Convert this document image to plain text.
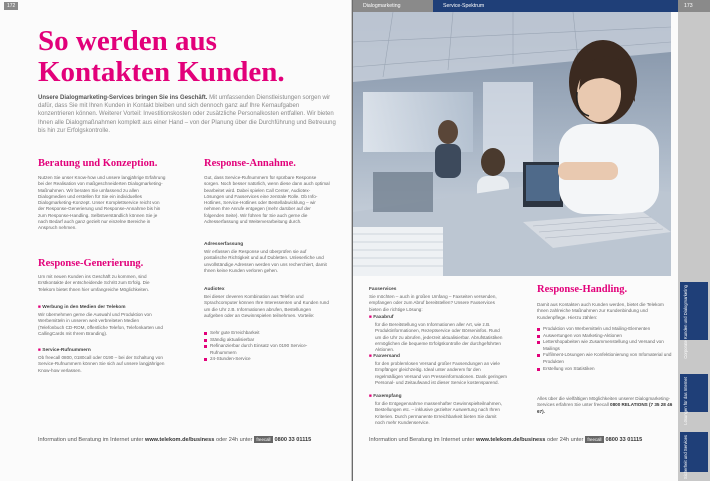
172
So werden aus Kontakten Kunden.

Unsere Dialogmarketing-Services bringen Sie ins Geschäft. Mit umfassenden Dienstleistungen sorgen wir dafür, dass Sie mit Ihren Kunden in Kontakt bleiben und sich dennoch ganz auf Ihre Kernaufgaben konzentrieren können. Weiterer Vorteil: Investitionskosten oder zusätzliche Personalkosten entfallen. Wir bieten Ihnen alle Dialogmaßnahmen komplett aus einer Hand – von der Planung über die Durchführung und Betreuung bis hin zur Erfolgskontrolle.

Beratung und Konzeption.

Nutzen Sie unser Know-how und unsere langjährige Erfahrung bei der Realisation von maßgeschneiderten Dialogmarketing-Maßnahmen. Wir beraten Sie umfassend zu allen Dialogmedien und erstellen für Sie ein individuelles Dialogmarketing-Konzept. Unser Komplettservice reicht von der Response-Generierung und Response-Annahme bis hin zum Response-Handling. Selbstverständlich können Sie je nach Bedarf auch ganz gezielt nur einzelne Bereiche in Anspruch nehmen.

Response-Generierung.

Um mit neuen Kunden ins Geschäft zu kommen, sind Erstkontakte der entscheidende Schritt zum Erfolg. Die Telekom bietet Ihnen hier umfangreiche Möglichkeiten.

■ Werbung in den Medien der Telekom

Wir übernehmen gerne die Auswahl und Produktion von Werbemitteln in unseren weit verbreiteten Medien (Telefonbuch CD-ROM, öffentliche Telefon, Telefonkarten und CallingCards mit Ihrem Branding).

■ Service-Rufnummern

Ob freecall 0800, 0180call oder 0190 – bei der Schaltung von Service-Rufnummern können Sie sich auf unsere langjährigen Know-how verlassen.

Response-Annahme.

Gut, dass Service-Rufnummern für spürbare Response sorgen. Noch besser natürlich, wenn diese dann auch optimal bearbeitet wird. Dabei spielen Call Center, Audiotex-Lösungen und Faxservices eine zentrale Rolle. Ob Info-Hotlines, Service-Hotlines oder Bestellabwicklung – wir nehmen Ihre Anrufe entgegen (mehr darüber auf der folgenden Seite). Wir führen für Sie auch gerne die Adresserfassung und Weiterverarbeitung durch.

Adresserfassung

Wir erfassen die Response und überprüfen sie auf postalische Richtigkeit und auf Dubletten. Unleserliche und unvollständige Adressen werden von uns recherchiert, damit Ihnen keine Kunden verloren gehen.

Audiotex

Bei dieser cleveren Kombination aus Telefon und Sprachcomputer können Ihre Interessenten und Kunden rund um die Uhr z.B. Informationen abrufen, Bestellungen aufgeben oder an Gewinnspielen teilnehmen. Vorteile:

Sehr gute Erreichbarkeit
Ständig aktualisierbar
Refinanzierbar durch Einsatz von 0190 Service-Rufnummern
24-Stunden-Service
Information und Beratung im Internet unter www.telekom.de/business oder 24h unter freecall 0800 33 01115
Dialogmarketing	Service-Spektrum	173
Faxservices

Sie möchten – auch in großen Umfang – Faxseiten versenden, empfangen oder zum Abruf bereitstellen? Unsere Faxservices bieten die richtige Lösung:

■ Faxabruf

für die Bereitstellung von Informationen aller Art, wie z.B. Produktinformationen, Rezeptservice oder Börseninfos. Rund um die Uhr zu abrufen, jederzeit aktualisierbar. Abrufstatistiken ermöglichen die bequeme Erfolgskontrolle der durchgeführten Aktionen.

■ Faxversand

für den problemlosen Versand großer Faxsendungen an viele Empfänger gleichzeitig. Ideal unter anderem für den regelmäßigen Versand von Presseinformationen. Dank geringem Personal- und Zeitaufwand ist dieser Service kostensparend.

■ Faxempfang

für die Entgegennahme massenhafter Gewinnspielteilnahmen, Bestellungen etc. – inklusive gezielter Auswertung nach Ihren Kriterien. Durch permanente Erreichbarkeit bieten Sie damit noch mehr Kundenservice.

Response-Handling.

Damit aus Kontakten auch Kunden werden, bietet die Telekom Ihnen zahlreiche Maßnahmen zur Kundenbindung und Kundenpflege. Hierzu zählen:

Produktion von Werbemitteln und Mailing-Elementen
Auswertungen von Marketing-Aktionen
Lettershopabeiten wie Zusammenstellung und Versand von Mailings
Fulfilment-Lösungen wie Konfektionierung von Infomaterial und Produkten
Erstellung von Statistiken

Alles über die vielfältigen Möglichkeiten unserer Dialogmarketing-Services erfahren Sie unter freecall 0800 RELATIONS (7 35 28 46 67).

Corporate Kunden und Dialogmarketing
Lösungen für das Internet
Sicherheit und Services
Information und Beratung im Internet unter www.telekom.de/business oder 24h unter freecall 0800 33 01115
